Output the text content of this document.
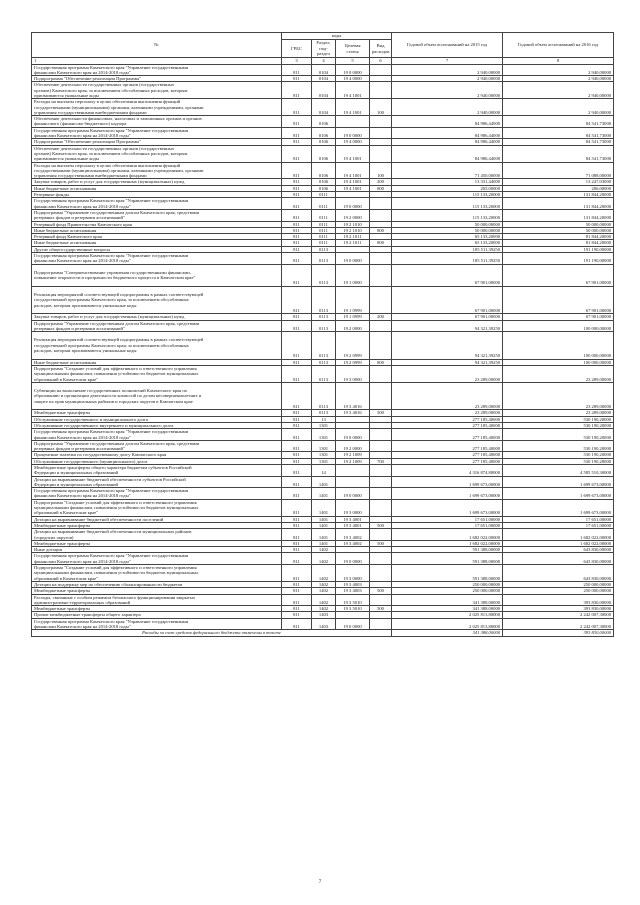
№	коды				Годовой объем ассигнований на 2015 год	Годовой объем ассигнований на 2016 год
	ГРБС	Раздел, под-раздел	Целевая статья	Вид расходов		
1	3	4	5	6	7	8

Государственная программа Камчатского края "Управление государственными
финансами Камчатского края на 2014-2018 годы"	811	0104	19 0 0000		2 940,00000	2 940,00000

Подпрограмма "Обеспечение реализации Программы"	811	0104	19 4 0000		2 940,00000	2 940,00000

Обеспечение деятельности государственных органов (государственных
органов) Камчатского края, за исключением обособленных расходов, которым
присваиваются уникальные коды	811	0104	19 4 1001		2 940,00000	2 940,00000

Расходы на выплаты персоналу в целях обеспечения выполнения функций
государственными (муниципальными) органами, казенными учреждениями, органами
управления государственными внебюджетными фондами	811	0104	19 4 1001	100	2 940,00000	2 940,00000

Обеспечение деятельности финансовых, налоговых и таможенных органов и органов
финансового (финансово-бюджетного) надзора	811	0106			84 986,44000	84 541,73000

Государственная программа Камчатского края "Управление государственными
финансами Камчатского края на 2014-2018 годы"	811	0106	19 0 0000		84 986,44000	84 541,73000

Подпрограмма "Обеспечение реализации Программы"	811	0106	19 4 0000		84 986,44000	84 541,73000

Обеспечение деятельности государственных органов (государственных
органов) Камчатского края, за исключением обособленных расходов, которым
присваиваются уникальные коды	811	0106	19 4 1001		84 986,44000	84 541,73000

Расходы на выплаты персоналу в целях обеспечения выполнения функций
государственными (муниципальными) органами, казенными учреждениями, органами
управления государственными внебюджетными фондами	811	0106	19 4 1001	100	71 450,00000	71 088,00000

Закупка товаров, работ и услуг для государственных (муниципальных) нужд	811	0106	19 4 1001	200	13 331,44000	13 247,03000

Иные бюджетные ассигнования	811	0106	19 4 1001	800	205,00000	206,00000

Резервные фонды	811	0111			115 133,20000	131 844,20000

Государственная программа Камчатского края "Управление государственными
финансами Камчатского края на 2014-2018 годы"	811	0111	19 0 0000		115 133,20000	131 844,20000

Подпрограмма "Управление государственным долгом Камчатского края, средствами
резервных фондов и резервами ассигнований"	811	0111	19 2 0000		115 133,20000	131 844,20000

Резервный фонд Правительства Камчатского края	811	0111	19 2 1010		50 000,00000	50 000,00000

Иные бюджетные ассигнования	811	0111	19 2 1010	800	50 000,00000	50 000,00000

Резервный фонд Камчатского края	811	0111	19 2 1011		65 133,20000	81 844,20000

Иные бюджетные ассигнования	811	0111	19 2 1011	800	65 133,20000	81 844,20000

Другие общегосударственные вопросы	811	0113			185 511,39250	191 190,00000

Государственная программа Камчатского края "Управление государственными
финансами Камчатского края на 2014-2018 годы"	811	0113	19 0 0000		185 511,39250	191 190,00000

Подпрограмма "Совершенствование управления государственными финансами,
повышение открытости и прозрачности бюджетного процесса в Камчатском крае"	811	0113	19 1 0000		67 901,00000	67 901,00000

Реализация мероприятий соответствующей подпрограммы в рамках соответствующей
государственной программы Камчатского края, за исключением обособленных
расходов, которым присваиваются уникальные коды	811	0113	19 1 0999		67 901,00000	67 901,00000

Закупка товаров, работ и услуг для государственных (муниципальных) нужд	811	0113	19 1 0999	200	67 901,00000	67 901,00000

Подпрограмма "Управление государственным долгом Камчатского края, средствами
резервных фондов и резервами ассигнований"	811	0113	19 2 0000		94 321,39250	100 000,00000

Реализация мероприятий соответствующей подпрограммы в рамках соответствующей
государственной программы Камчатского края, за исключением обособленных
расходов, которым присваиваются уникальные коды	811	0113	19 2 0999		94 321,39250	100 000,00000

Иные бюджетные ассигнования	811	0113	19 2 0999	800	94 321,39250	100 000,00000

Подпрограмма "Создание условий для эффективного и ответственного управления
муниципальными финансами, повышения устойчивости бюджетов муниципальных
образований в Камчатском крае"	811	0113	19 3 0000		23 289,00000	23 289,00000

Субвенции на выполнение государственных полномочий Камчатского края по
образованию и организации деятельности комиссий по делам несовершеннолетних и
защите их прав муниципальных районов и городских округов в Камчатском крае	811	0113	19 3 4016		23 289,00000	23 289,00000

Межбюджетные трансферты	811	0113	19 3 4016	500	23 289,00000	23 289,00000

Обслуживание государственного и муниципального долга	811	13			277 185,40000	530 190,20000

Обслуживание государственного внутреннего и муниципального долга	811	1301			277 185,40000	530 190,20000

Государственная программа Камчатского края "Управление государственными
финансами Камчатского края на 2014-2018 годы"	811	1301	19 0 0000		277 185,40000	530 190,20000

Подпрограмма "Управление государственным долгом Камчатского края, средствами
резервных фондов и резервами ассигнований"	811	1301	19 2 0000		277 185,40000	530 190,20000

Процентные платежи по государственному долгу Камчатского края	811	1301	19 2 1009		277 185,40000	530 190,20000

Обслуживание государственного (муниципального) долга	811	1301	19 2 1009	700	277 185,40000	530 190,20000

Межбюджетные трансферты общего характера бюджетам субъектов Российской
Федерации и муниципальных образований	811	14			4 316 874,80000	4 585 510,30000

Дотации на выравнивание бюджетной обеспеченности субъектов Российской
Федерации и муниципальных образований	811	1401			1 699 673,00000	1 699 673,00000

Государственная программа Камчатского края "Управление государственными
финансами Камчатского края на 2014-2018 годы"	811	1401	19 0 0000		1 699 673,00000	1 699 673,00000

Подпрограмма "Создание условий для эффективного и ответственного управления
муниципальными финансами, повышения устойчивости бюджетов муниципальных
образований в Камчатском крае"	811	1401	19 3 0000		1 699 673,00000	1 699 673,00000

Дотации на выравнивание бюджетной обеспеченности поселений	811	1401	19 3 4001		17 651,00000	17 651,00000

Межбюджетные трансферты	811	1401	19 3 4001	500	17 651,00000	17 651,00000

Дотации на выравнивание бюджетной обеспеченности муниципальных районов
(городских округов)	811	1401	19 3 4002		1 682 022,00000	1 682 022,00000

Межбюджетные трансферты	811	1401	19 3 4002	500	1 682 022,00000	1 682 022,00000

Иные дотации	811	1402			591 388,00000	643 830,00000

Государственная программа Камчатского края "Управление государственными
финансами Камчатского края на 2014-2018 годы"	811	1402	19 0 0000		591 388,00000	643 830,00000

Подпрограмма "Создание условий для эффективного и ответственного управления
муниципальными финансами, повышения устойчивости бюджетов муниципальных
образований в Камчатском крае"	811	1402	19 3 0000		591 388,00000	643 830,00000

Дотации на поддержку мер по обеспечению сбалансированности бюджетов	811	1402	19 3 4003		250 000,00000	250 000,00000

Межбюджетные трансферты	811	1402	19 3 4003	500	250 000,00000	250 000,00000

Расходы, связанные с особым режимом безопасного функционирования закрытых
административно-территориальных образований	811	1402	19 3 5010		341 388,00000	393 830,00000

Межбюджетные трансферты	811	1402	19 3 5010	500	341 388,00000	393 830,00000

Прочие межбюджетные трансферты общего характера	811	1403			2 025 813,80000	2 242 007,30000

Государственная программа Камчатского края "Управление государственными
финансами Камчатского края на 2014-2018 годы"	811	1403	19 0 0000		2 025 813,80000	2 242 007,30000
Расходы за счет средств федерального бюджета отмечены в тексте					341 388,00000	393 830,00000
7
